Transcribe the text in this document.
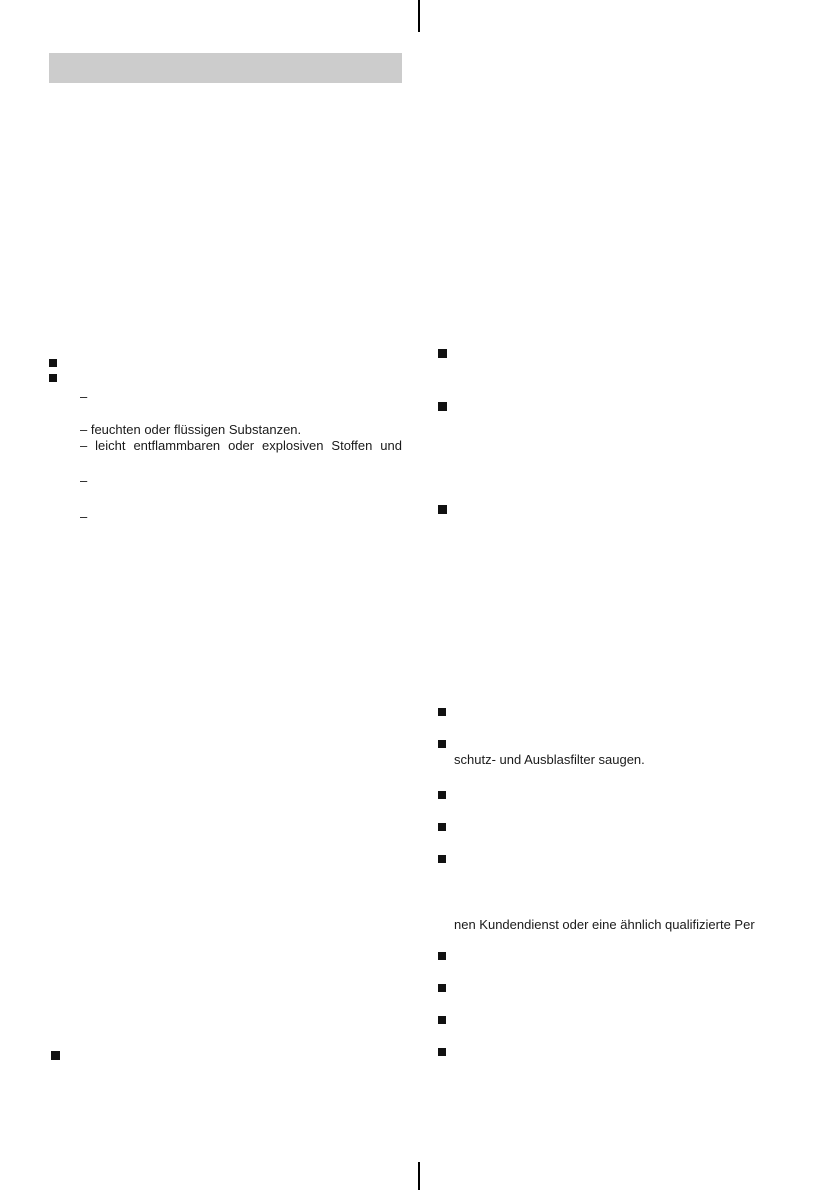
–
– feuchten oder flüssigen Substanzen.
– leicht entflammbaren oder explosiven Stoffen und
–
–
schutz- und Ausblasfilter saugen.
nen Kundendienst oder eine ähnlich qualifizierte Per
